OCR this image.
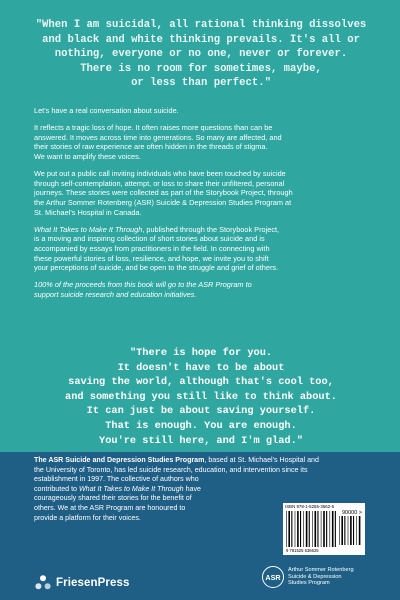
"When I am suicidal, all rational thinking dissolves
and black and white thinking prevails. It's all or
nothing, everyone or no one, never or forever.
There is no room for sometimes, maybe,
or less than perfect."

Let's have a real conversation about suicide.

It reflects a tragic loss of hope. It often raises more questions than can be
answered. It moves across time into generations. So many are affected, and
their stories of raw experience are often hidden in the threads of stigma.
We want to amplify these voices.

We put out a public call inviting individuals who have been touched by suicide
through self-contemplation, attempt, or loss to share their unfiltered, personal
journeys. These stories were collected as part of the Storybook Project, through
the Arthur Sommer Rotenberg (ASR) Suicide & Depression Studies Program at
St. Michael's Hospital in Canada.

What It Takes to Make It Through, published through the Storybook Project,
is a moving and inspiring collection of short stories about suicide and is
accompanied by essays from practitioners in the field. In connecting with
these powerful stories of loss, resilience, and hope, we invite you to shift
your perceptions of suicide, and be open to the struggle and grief of others.

100% of the proceeds from this book will go to the ASR Program to
support suicide research and education initiatives.

"There is hope for you.
It doesn't have to be about
saving the world, although that's cool too,
and something you still like to think about.
It can just be about saving yourself.
That is enough. You are enough.
You're still here, and I'm glad."
The ASR Suicide and Depression Studies Program, based at St. Michael's Hospital and
the University of Toronto, has led suicide research, education, and intervention since its
establishment in 1997. The collective of authors who
contributed to What It Takes to Make It Through have
courageously shared their stories for the benefit of
others. We at the ASR Program are honoured to
provide a platform for their voices.
ISBN 978-1-5255-3662-5
90000 >
9 781525 536625
FriesenPress	ASR
Arthur Sommer Rotenberg
Suicide & Depression
Studies Program
